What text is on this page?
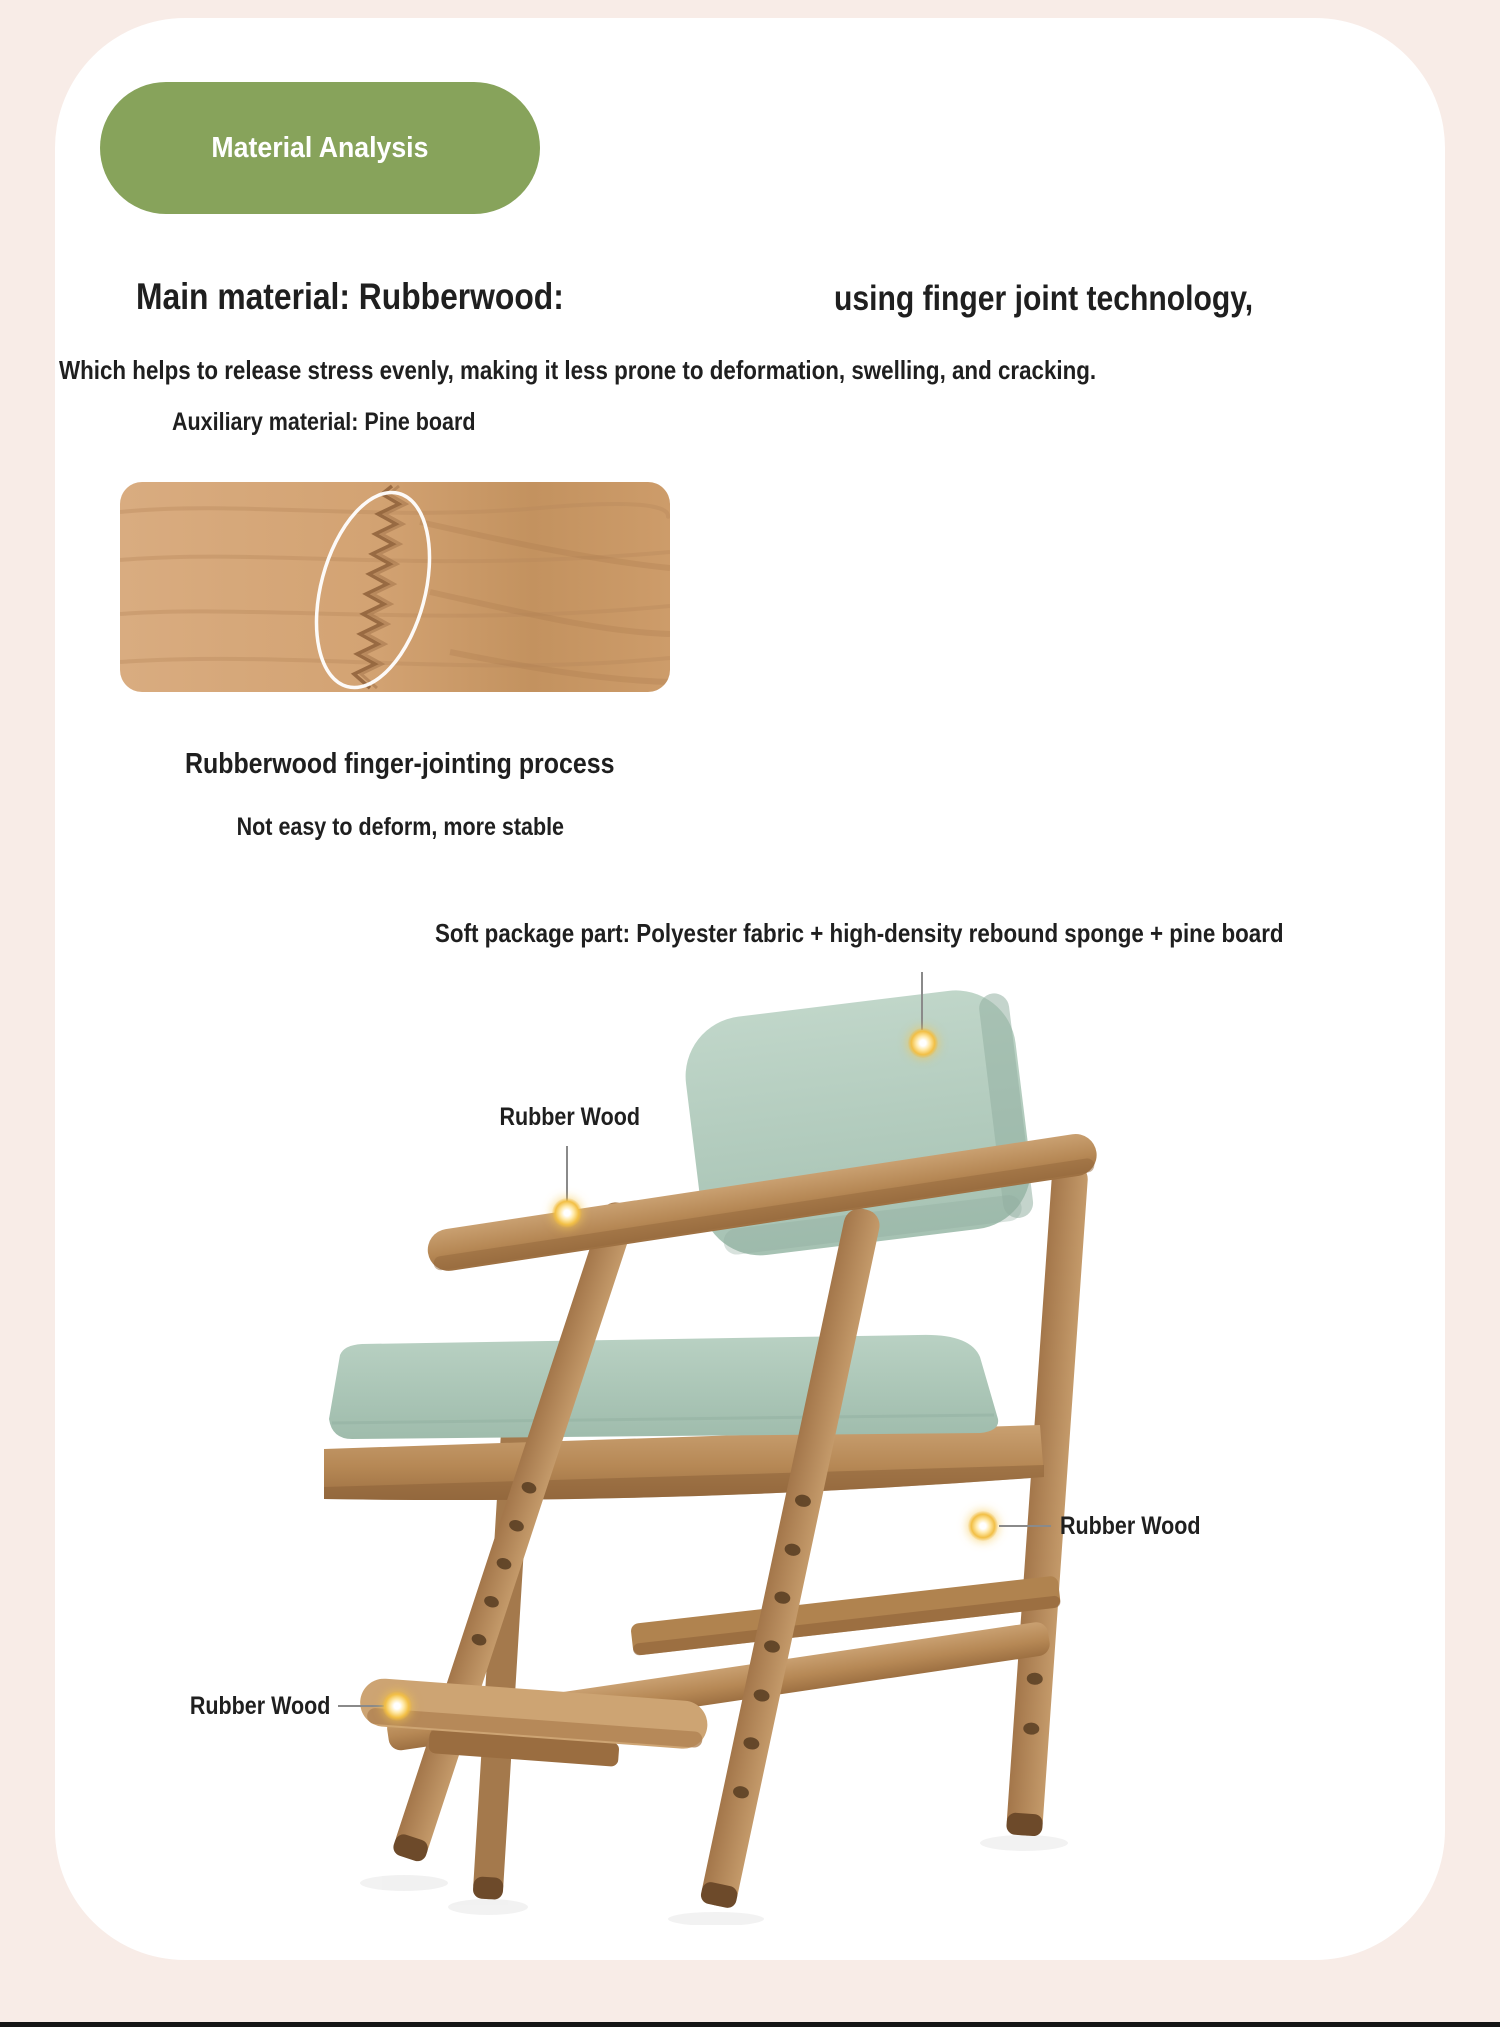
Material Analysis
Main material: Rubberwood:	using finger joint technology,
Which helps to release stress evenly, making it less prone to deformation, swelling, and cracking.
Auxiliary material: Pine board
Rubberwood finger-jointing process
Not easy to deform, more stable
Soft package part: Polyester fabric + high-density rebound sponge + pine board
Rubber Wood
Rubber Wood
Rubber Wood
